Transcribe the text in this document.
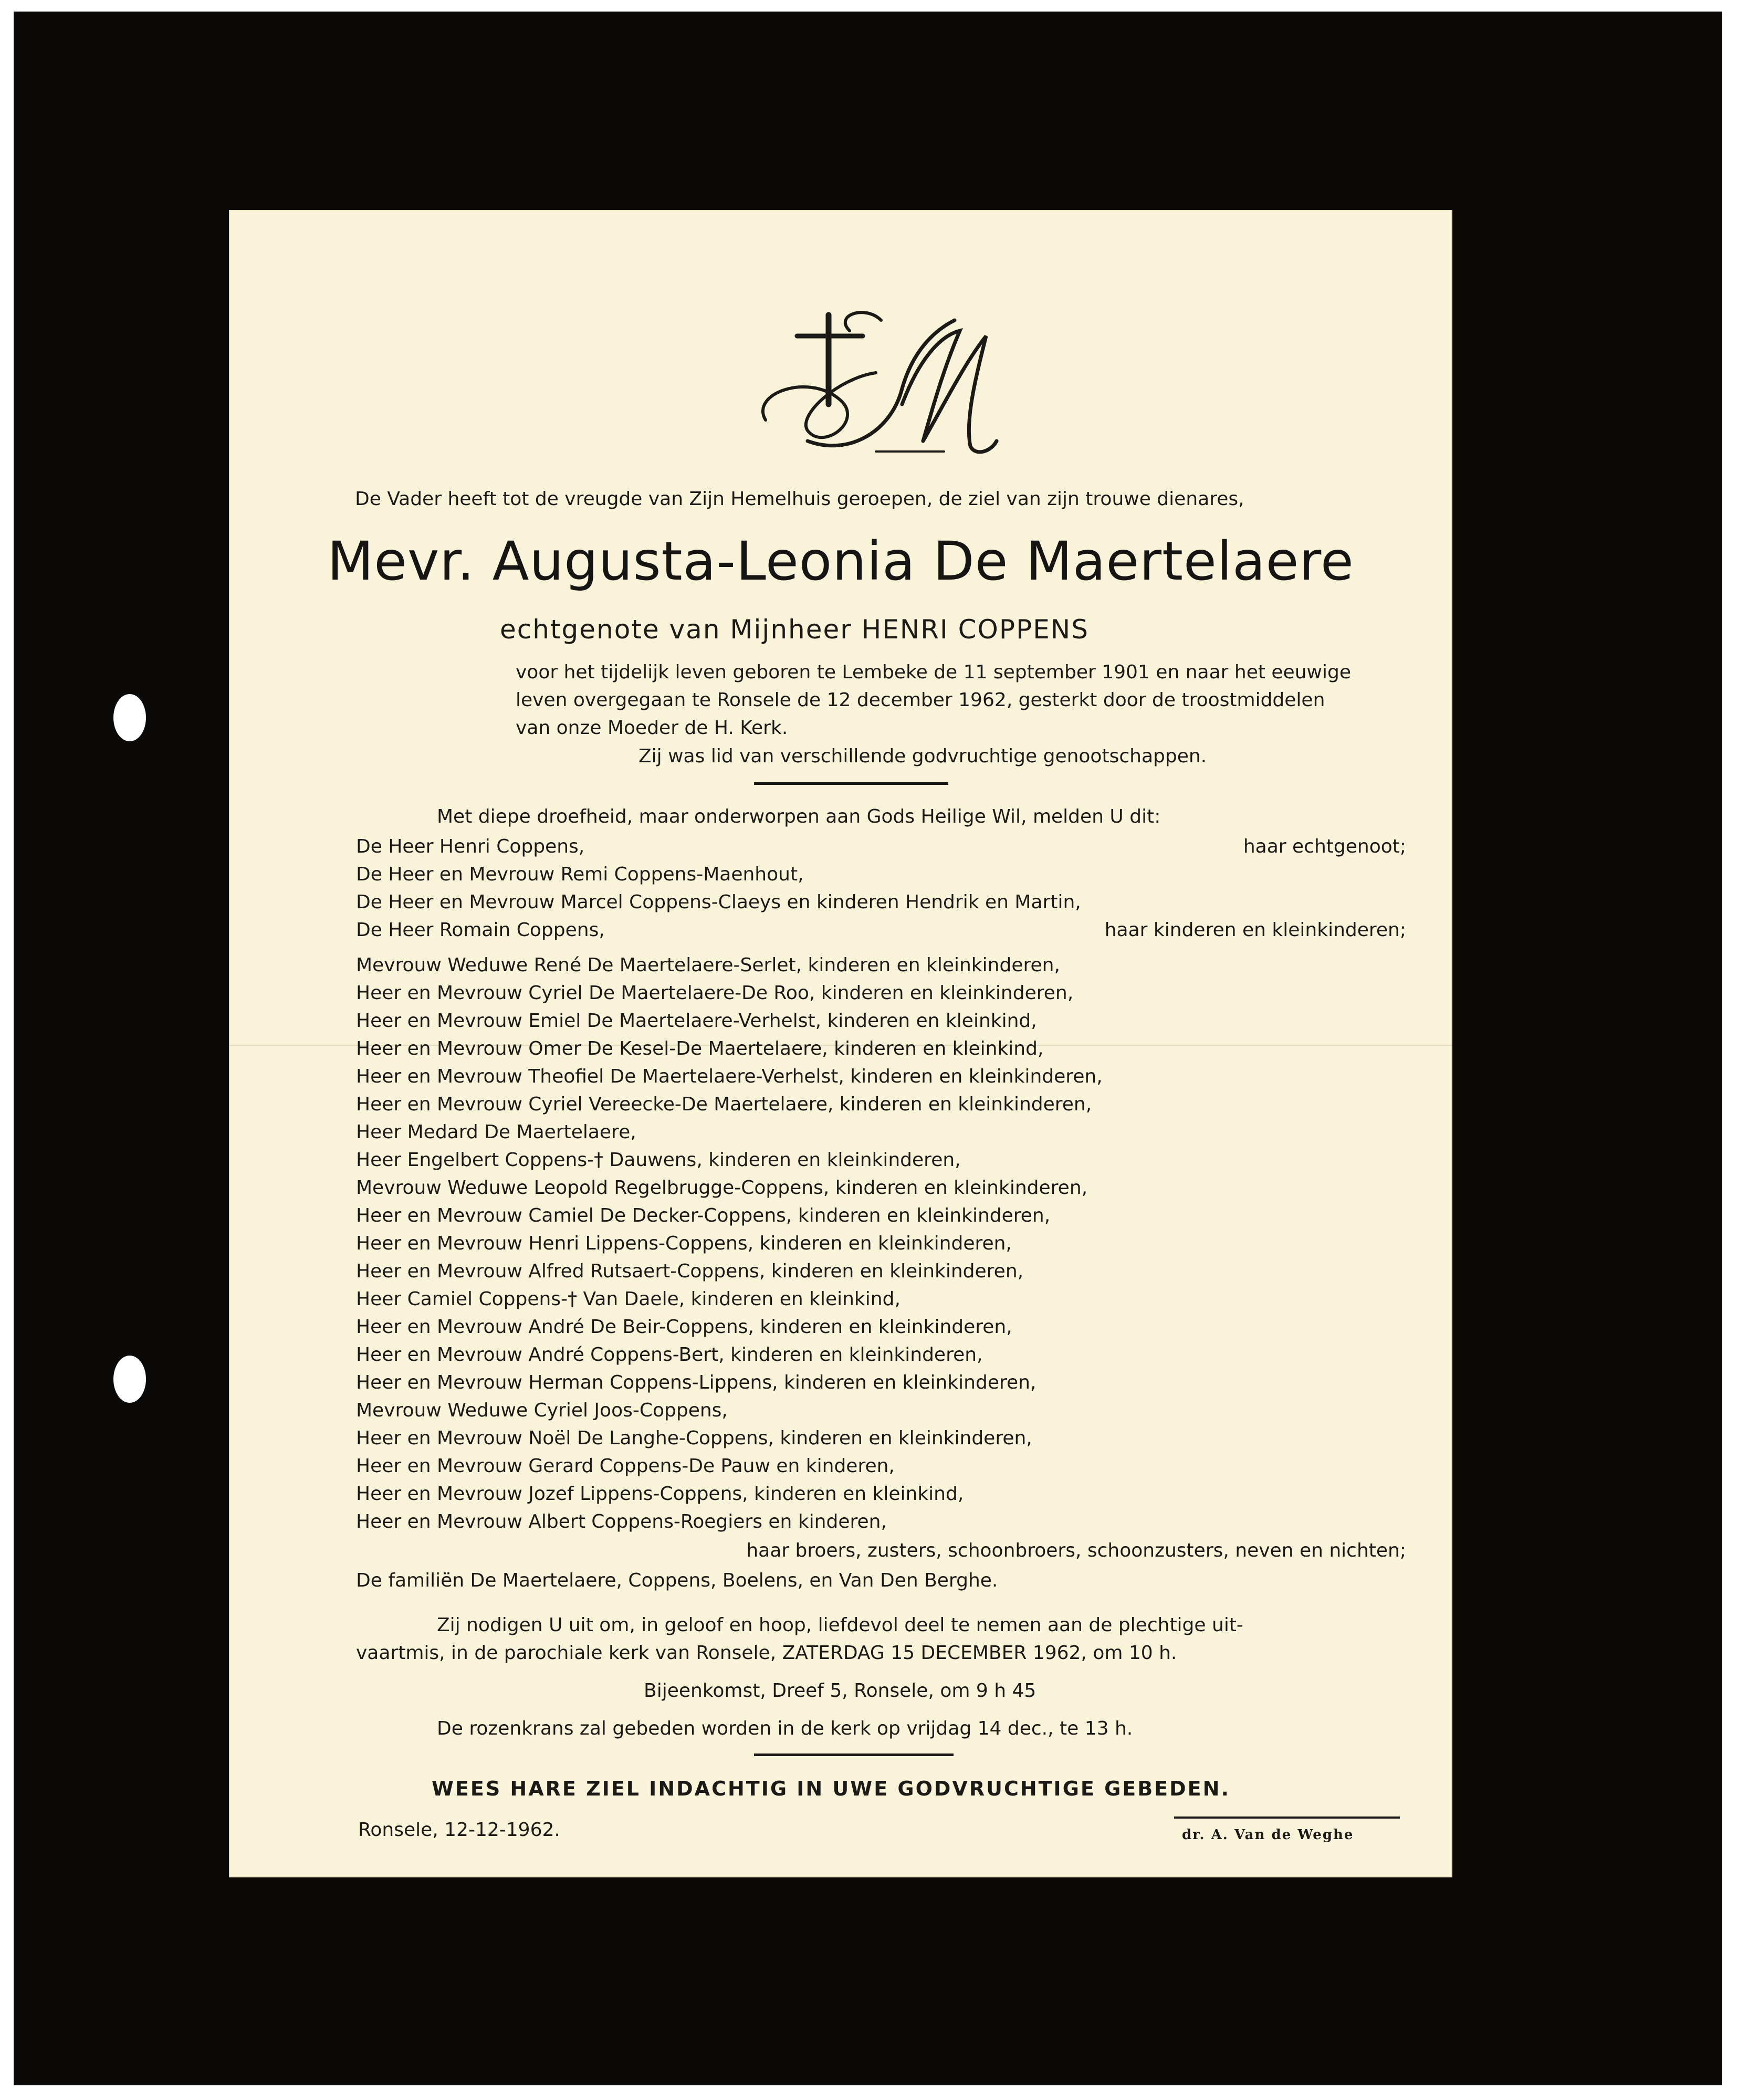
De Vader heeft tot de vreugde van Zijn Hemelhuis geroepen, de ziel van zijn trouwe dienares,
Mevr. Augusta-Leonia De Maertelaere
echtgenote van Mijnheer HENRI COPPENS
voor het tijdelijk leven geboren te Lembeke de 11 september 1901 en naar het eeuwige
leven overgegaan te Ronsele de 12 december 1962, gesterkt door de troostmiddelen
van onze Moeder de H. Kerk.
Zij was lid van verschillende godvruchtige genootschappen.
Met diepe droefheid, maar onderworpen aan Gods Heilige Wil, melden U dit:
De Heer Henri Coppens,	haar echtgenoot;
De Heer en Mevrouw Remi Coppens-Maenhout,
De Heer en Mevrouw Marcel Coppens-Claeys en kinderen Hendrik en Martin,
De Heer Romain Coppens,	haar kinderen en kleinkinderen;
Mevrouw Weduwe René De Maertelaere-Serlet, kinderen en kleinkinderen,
Heer en Mevrouw Cyriel De Maertelaere-De Roo, kinderen en kleinkinderen,
Heer en Mevrouw Emiel De Maertelaere-Verhelst, kinderen en kleinkind,
Heer en Mevrouw Omer De Kesel-De Maertelaere, kinderen en kleinkind,
Heer en Mevrouw Theofiel De Maertelaere-Verhelst, kinderen en kleinkinderen,
Heer en Mevrouw Cyriel Vereecke-De Maertelaere, kinderen en kleinkinderen,
Heer Medard De Maertelaere,
Heer Engelbert Coppens-† Dauwens, kinderen en kleinkinderen,
Mevrouw Weduwe Leopold Regelbrugge-Coppens, kinderen en kleinkinderen,
Heer en Mevrouw Camiel De Decker-Coppens, kinderen en kleinkinderen,
Heer en Mevrouw Henri Lippens-Coppens, kinderen en kleinkinderen,
Heer en Mevrouw Alfred Rutsaert-Coppens, kinderen en kleinkinderen,
Heer Camiel Coppens-† Van Daele, kinderen en kleinkind,
Heer en Mevrouw André De Beir-Coppens, kinderen en kleinkinderen,
Heer en Mevrouw André Coppens-Bert, kinderen en kleinkinderen,
Heer en Mevrouw Herman Coppens-Lippens, kinderen en kleinkinderen,
Mevrouw Weduwe Cyriel Joos-Coppens,
Heer en Mevrouw Noël De Langhe-Coppens, kinderen en kleinkinderen,
Heer en Mevrouw Gerard Coppens-De Pauw en kinderen,
Heer en Mevrouw Jozef Lippens-Coppens, kinderen en kleinkind,
Heer en Mevrouw Albert Coppens-Roegiers en kinderen,
haar broers, zusters, schoonbroers, schoonzusters, neven en nichten;
De familiën De Maertelaere, Coppens, Boelens, en Van Den Berghe.
Zij nodigen U uit om, in geloof en hoop, liefdevol deel te nemen aan de plechtige uit-
vaartmis, in de parochiale kerk van Ronsele, ZATERDAG 15 DECEMBER 1962, om 10 h.
Bijeenkomst, Dreef 5, Ronsele, om 9 h 45
De rozenkrans zal gebeden worden in de kerk op vrijdag 14 dec., te 13 h.
WEES HARE ZIEL INDACHTIG IN UWE GODVRUCHTIGE GEBEDEN.
Ronsele, 12-12-1962.	dr. A. Van de Weghe
